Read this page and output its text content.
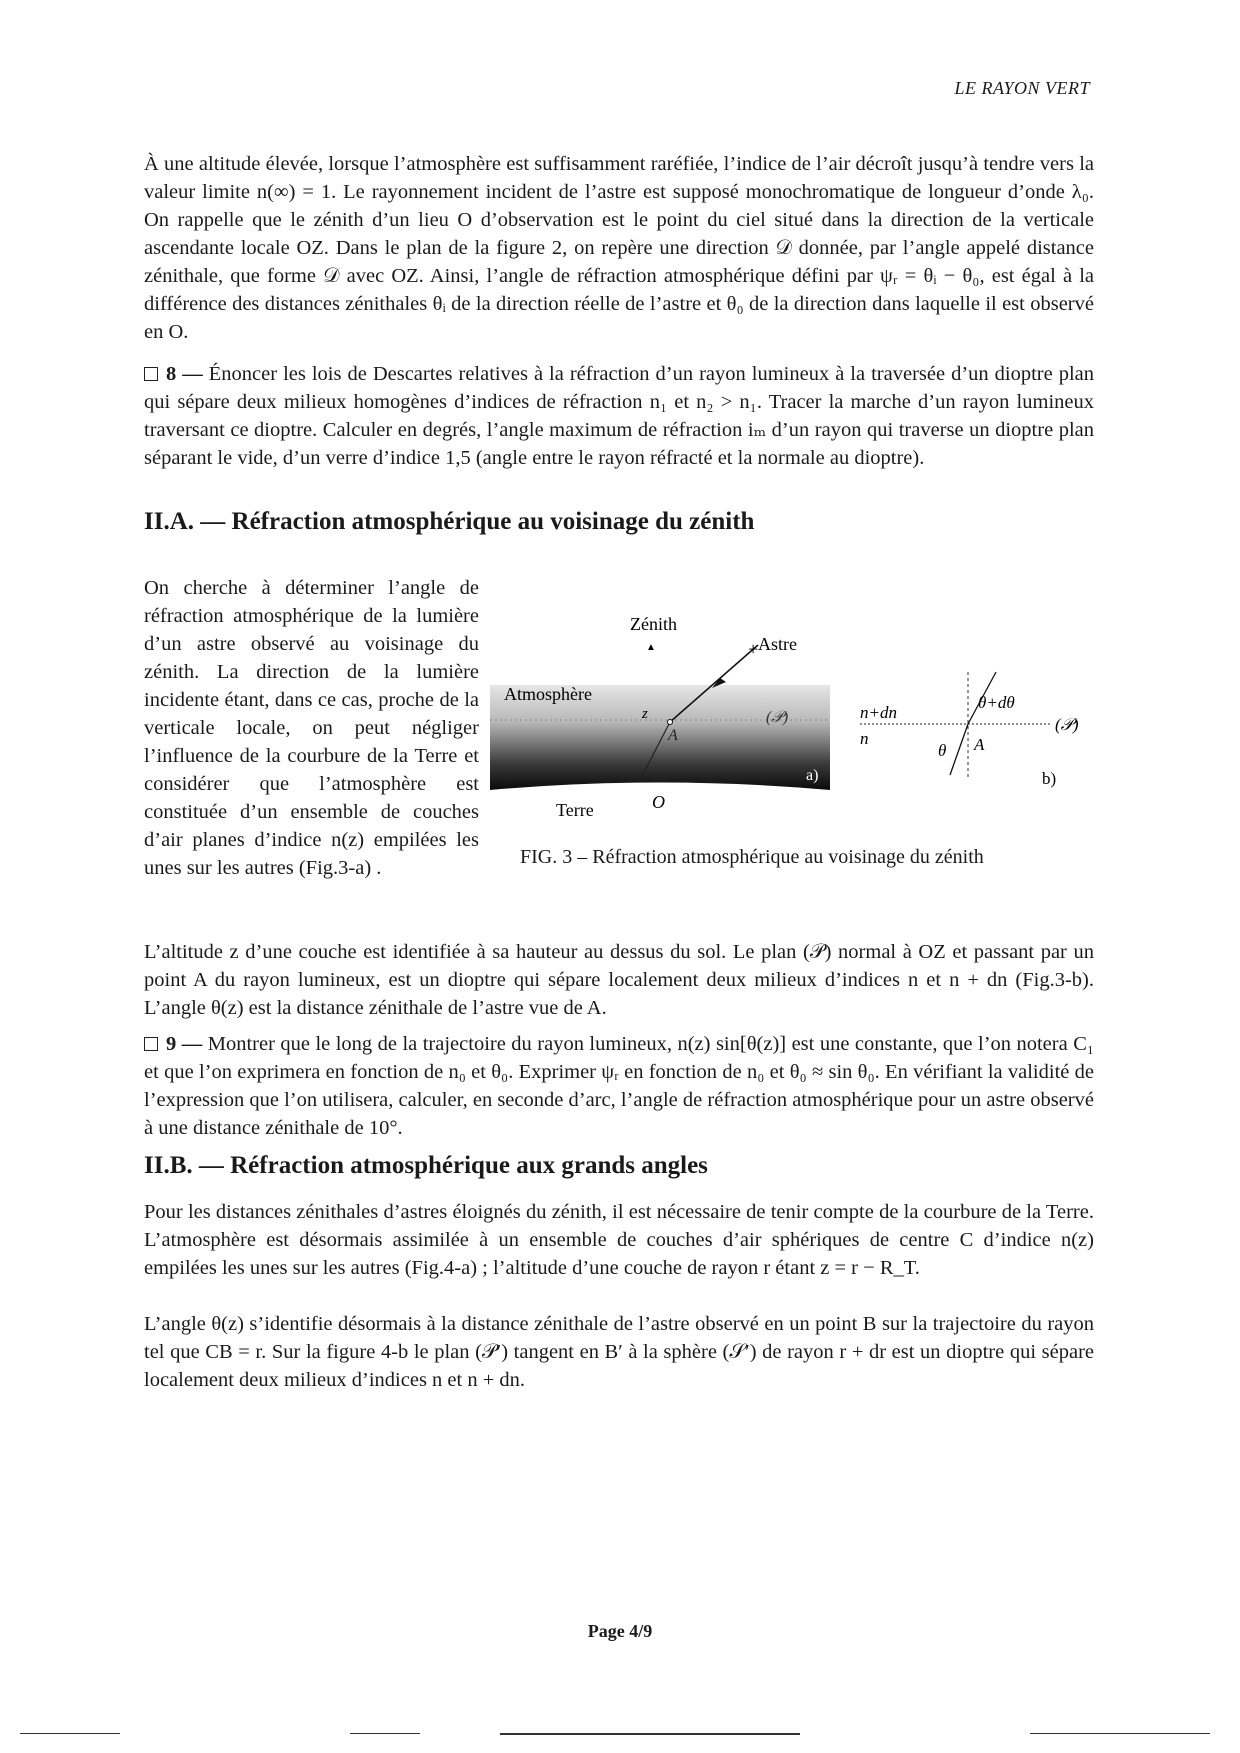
LE RAYON VERT

À une altitude élevée, lorsque l’atmosphère est suffisamment raréfiée, l’indice de l’air décroît jusqu’à tendre vers la valeur limite n(∞) = 1. Le rayonnement incident de l’astre est supposé monochromatique de longueur d’onde λ₀. On rappelle que le zénith d’un lieu O d’observation est le point du ciel situé dans la direction de la verticale ascendante locale OZ. Dans le plan de la figure 2, on repère une direction 𝒟 donnée, par l’angle appelé distance zénithale, que forme 𝒟 avec OZ. Ainsi, l’angle de réfraction atmosphérique défini par ψᵣ = θᵢ − θ₀, est égal à la différence des distances zénithales θᵢ de la direction réelle de l’astre et θ₀ de la direction dans laquelle il est observé en O.

8 — Énoncer les lois de Descartes relatives à la réfraction d’un rayon lumineux à la traversée d’un dioptre plan qui sépare deux milieux homogènes d’indices de réfraction n₁ et n₂ > n₁. Tracer la marche d’un rayon lumineux traversant ce dioptre. Calculer en degrés, l’angle maximum de réfraction iₘ d’un rayon qui traverse un dioptre plan séparant le vide, d’un verre d’indice 1,5 (angle entre le rayon réfracté et la normale au dioptre).

II.A. — Réfraction atmosphérique au voisinage du zénith

On cherche à déterminer l’angle de réfraction atmosphérique de la lumière d’un astre observé au voisinage du zénith. La direction de la lumière incidente étant, dans ce cas, proche de la verticale locale, on peut négliger l’influence de la courbure de la Terre et considérer que l’atmosphère est constituée d’un ensemble de couches d’air planes d’indice n(z) empilées les unes sur les autres (Fig.3-a) .

Zénith
▲	+ Astre
Atmosphère
z
A
(𝒫)
a)
Terre	O
n+dn
n
θ+dθ
θ A
(𝒫)
b)
FIG. 3 – Réfraction atmosphérique au voisinage du zénith

L’altitude z d’une couche est identifiée à sa hauteur au dessus du sol. Le plan (𝒫) normal à OZ et passant par un point A du rayon lumineux, est un dioptre qui sépare localement deux milieux d’indices n et n + dn (Fig.3-b). L’angle θ(z) est la distance zénithale de l’astre vue de A.

9 — Montrer que le long de la trajectoire du rayon lumineux, n(z) sin[θ(z)] est une constante, que l’on notera C₁ et que l’on exprimera en fonction de n₀ et θ₀. Exprimer ψᵣ en fonction de n₀ et θ₀ ≈ sin θ₀. En vérifiant la validité de l’expression que l’on utilisera, calculer, en seconde d’arc, l’angle de réfraction atmosphérique pour un astre observé à une distance zénithale de 10°.

II.B. — Réfraction atmosphérique aux grands angles

Pour les distances zénithales d’astres éloignés du zénith, il est nécessaire de tenir compte de la courbure de la Terre. L’atmosphère est désormais assimilée à un ensemble de couches d’air sphériques de centre C d’indice n(z) empilées les unes sur les autres (Fig.4-a) ; l’altitude d’une couche de rayon r étant z = r − R_T.

L’angle θ(z) s’identifie désormais à la distance zénithale de l’astre observé en un point B sur la trajectoire du rayon tel que CB = r. Sur la figure 4-b le plan (𝒫′) tangent en B′ à la sphère (𝒮′) de rayon r + dr est un dioptre qui sépare localement deux milieux d’indices n et n + dn.

Page 4/9
